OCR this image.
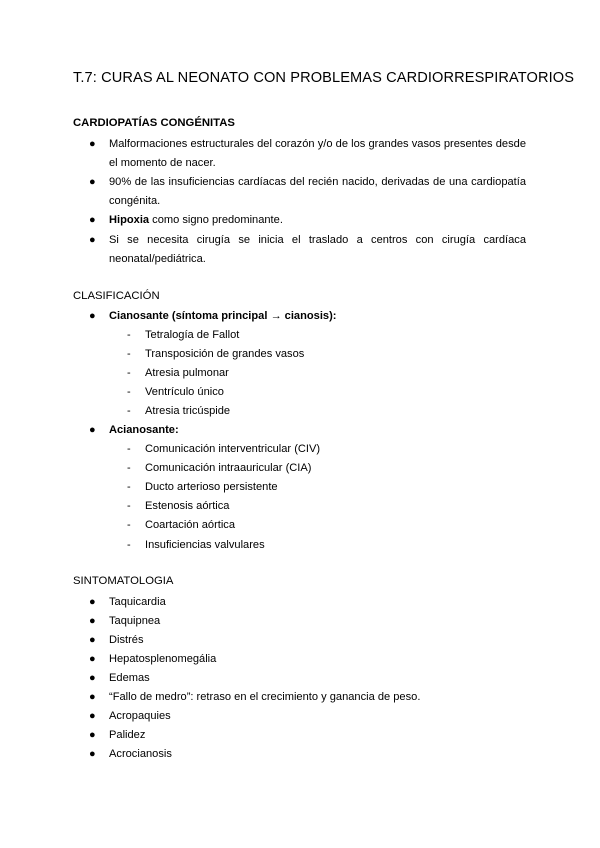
T.7: CURAS AL NEONATO CON PROBLEMAS CARDIORRESPIRATORIOS
CARDIOPATÍAS CONGÉNITAS
● Malformaciones estructurales del corazón y/o de los grandes vasos presentes desde
el momento de nacer.
● 90% de las insuficiencias cardíacas del recién nacido, derivadas de una cardiopatía
congénita.
● Hipoxia como signo predominante.
● Si se necesita cirugía se inicia el traslado a centros con cirugía cardíaca
neonatal/pediátrica.
CLASIFICACIÓN
● Cianosante (síntoma principal → cianosis):
- Tetralogía de Fallot
- Transposición de grandes vasos
- Atresia pulmonar
- Ventrículo único
- Atresia tricúspide
● Acianosante:
- Comunicación interventricular (CIV)
- Comunicación intraauricular (CIA)
- Ducto arterioso persistente
- Estenosis aórtica
- Coartación aórtica
- Insuficiencias valvulares
SINTOMATOLOGIA
● Taquicardia
● Taquipnea
● Distrés
● Hepatosplenomegália
● Edemas
● “Fallo de medro”: retraso en el crecimiento y ganancia de peso.
● Acropaquies
● Palidez
● Acrocianosis
